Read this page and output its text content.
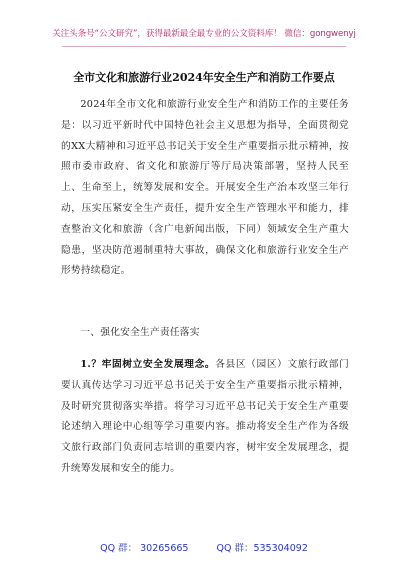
关注头条号“公文研究”，获得最新最全最专业的公文资料库！ 微信：gongwenyj
全市文化和旅游行业2024年安全生产和消防工作要点
2024年全市文化和旅游行业安全生产和消防工作的主要任务是：以习近平新时代中国特色社会主义思想为指导，全面贯彻党的XX大精神和习近平总书记关于安全生产重要指示批示精神，按照市委市政府、省文化和旅游厅等厅局决策部署，坚持人民至上、生命至上，统筹发展和安全。开展安全生产治本攻坚三年行动，压实压紧安全生产责任，提升安全生产管理水平和能力，排查整治文化和旅游（含广电新闻出版，下同）领域安全生产重大隐患，坚决防范遏制重特大事故，确保文化和旅游行业安全生产形势持续稳定。
一、强化安全生产责任落实
1.？牢固树立安全发展理念。各县区（园区）文旅行政部门要认真传达学习习近平总书记关于安全生产重要指示批示精神，及时研究贯彻落实举措。将学习习近平总书记关于安全生产重要论述纳入理论中心组等学习重要内容。推动将安全生产作为各级文旅行政部门负责同志培训的重要内容，树牢安全发展理念，提升统筹发展和安全的能力。
QQ 群： 30265665	QQ 群：535304092
